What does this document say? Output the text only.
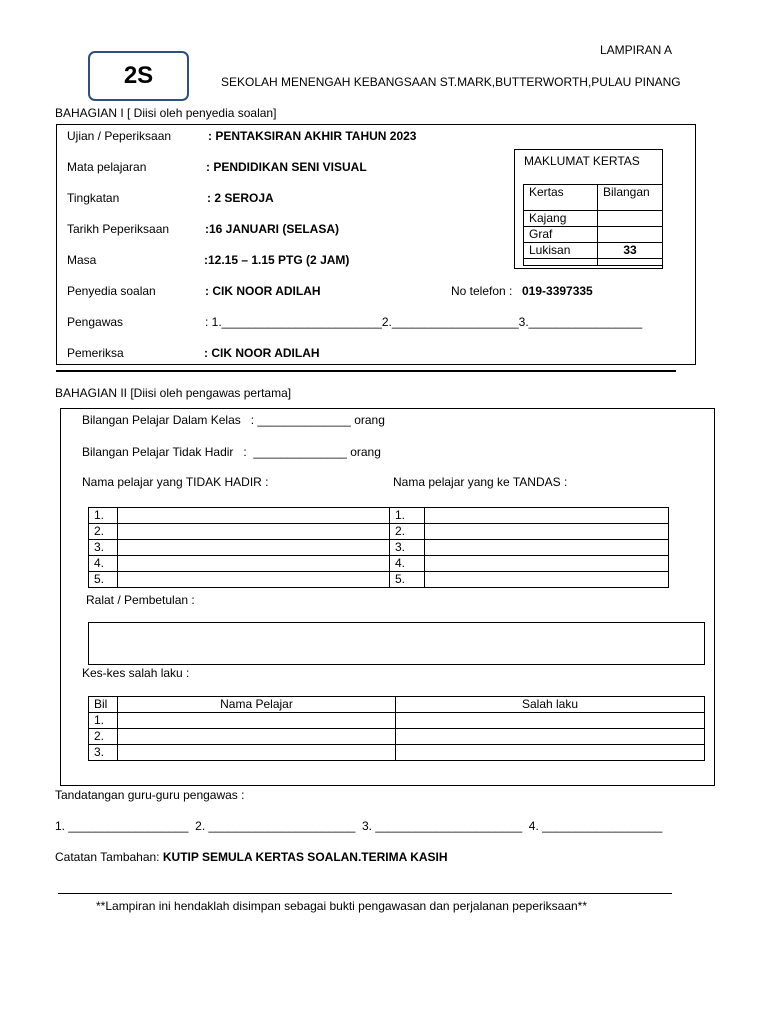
2S
LAMPIRAN A
SEKOLAH MENENGAH KEBANGSAAN ST.MARK,BUTTERWORTH,PULAU PINANG
BAHAGIAN I [ Diisi oleh penyedia soalan]
Ujian / Peperiksaan	: PENTAKSIRAN AKHIR TAHUN 2023
Mata pelajaran	: PENDIDIKAN SENI VISUAL
Tingkatan	: 2 SEROJA
Tarikh Peperiksaan	:16 JANUARI (SELASA)
Masa	:12.15 – 1.15 PTG (2 JAM)
Penyedia soalan	: CIK NOOR ADILAH	No telefon : 019-3397335
Pengawas	: 1.________________________2.___________________3._________________
Pemeriksa	: CIK NOOR ADILAH
MAKLUMAT KERTAS
Kertas	Bilangan
Kajang	
Graf	
Lukisan	33

BAHAGIAN II [Diisi oleh pengawas pertama]
Bilangan Pelajar Dalam Kelas   : ______________ orang
Bilangan Pelajar Tidak Hadir   :  ______________ orang
Nama pelajar yang TIDAK HADIR :	Nama pelajar yang ke TANDAS :
1.		1.	
2.		2.	
3.		3.	
4.		4.	
5.		5.	
Ralat / Pembetulan :
Kes-kes salah laku :
Bil	Nama Pelajar	Salah laku
1.		
2.		
3.		
Tandatangan guru-guru pengawas :
1. __________________  2. ______________________  3. ______________________  4. __________________
Catatan Tambahan: KUTIP SEMULA KERTAS SOALAN.TERIMA KASIH
**Lampiran ini hendaklah disimpan sebagai bukti pengawasan dan perjalanan peperiksaan**
